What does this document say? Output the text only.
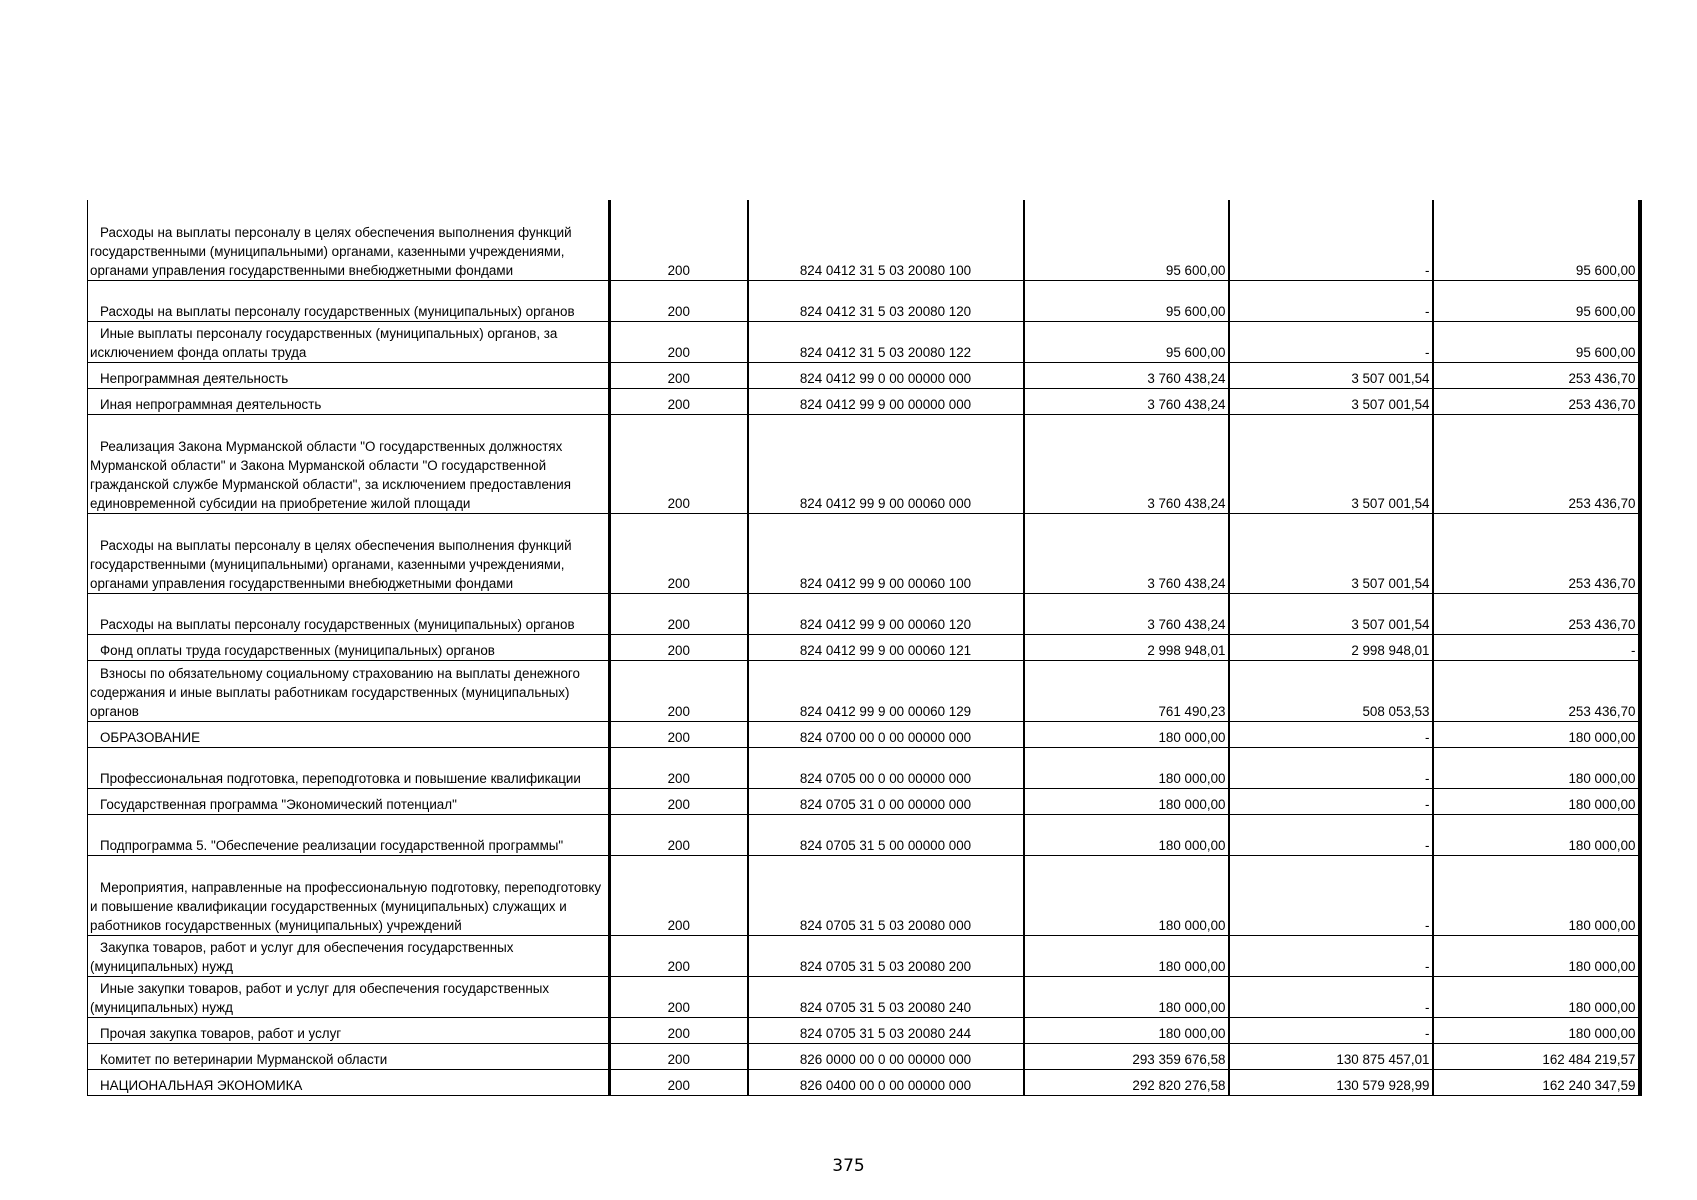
Расходы на выплаты персоналу в целях обеспечения выполнения функций государственными (муниципальными) органами, казенными учреждениями, органами управления государственными внебюджетными фондами	200	824 0412 31 5 03 20080 100	95 600,00	-	95 600,00

Расходы на выплаты персоналу государственных (муниципальных) органов	200	824 0412 31 5 03 20080 120	95 600,00	-	95 600,00

Иные выплаты персоналу государственных (муниципальных) органов, за исключением фонда оплаты труда	200	824 0412 31 5 03 20080 122	95 600,00	-	95 600,00

Непрограммная деятельность	200	824 0412 99 0 00 00000 000	3 760 438,24	3 507 001,54	253 436,70

Иная непрограммная деятельность	200	824 0412 99 9 00 00000 000	3 760 438,24	3 507 001,54	253 436,70

Реализация Закона Мурманской области "О государственных должностях Мурманской области" и Закона Мурманской области "О государственной гражданской службе Мурманской области", за исключением предоставления единовременной субсидии на приобретение жилой площади	200	824 0412 99 9 00 00060 000	3 760 438,24	3 507 001,54	253 436,70

Расходы на выплаты персоналу в целях обеспечения выполнения функций государственными (муниципальными) органами, казенными учреждениями, органами управления государственными внебюджетными фондами	200	824 0412 99 9 00 00060 100	3 760 438,24	3 507 001,54	253 436,70

Расходы на выплаты персоналу государственных (муниципальных) органов	200	824 0412 99 9 00 00060 120	3 760 438,24	3 507 001,54	253 436,70

Фонд оплаты труда государственных (муниципальных) органов	200	824 0412 99 9 00 00060 121	2 998 948,01	2 998 948,01	-

Взносы по обязательному социальному страхованию на выплаты денежного содержания и иные выплаты работникам государственных (муниципальных) органов	200	824 0412 99 9 00 00060 129	761 490,23	508 053,53	253 436,70

ОБРАЗОВАНИЕ	200	824 0700 00 0 00 00000 000	180 000,00	-	180 000,00

Профессиональная подготовка, переподготовка и повышение квалификации	200	824 0705 00 0 00 00000 000	180 000,00	-	180 000,00

Государственная программа "Экономический потенциал"	200	824 0705 31 0 00 00000 000	180 000,00	-	180 000,00

Подпрограмма 5. "Обеспечение реализации государственной программы"	200	824 0705 31 5 00 00000 000	180 000,00	-	180 000,00

Мероприятия, направленные на профессиональную подготовку, переподготовку и повышение квалификации государственных (муниципальных) служащих и работников государственных (муниципальных) учреждений	200	824 0705 31 5 03 20080 000	180 000,00	-	180 000,00

Закупка товаров, работ и услуг для обеспечения государственных (муниципальных) нужд	200	824 0705 31 5 03 20080 200	180 000,00	-	180 000,00

Иные закупки товаров, работ и услуг для обеспечения государственных (муниципальных) нужд	200	824 0705 31 5 03 20080 240	180 000,00	-	180 000,00

Прочая закупка товаров, работ и услуг	200	824 0705 31 5 03 20080 244	180 000,00	-	180 000,00

Комитет по ветеринарии Мурманской области	200	826 0000 00 0 00 00000 000	293 359 676,58	130 875 457,01	162 484 219,57

НАЦИОНАЛЬНАЯ ЭКОНОМИКА	200	826 0400 00 0 00 00000 000	292 820 276,58	130 579 928,99	162 240 347,59
375
